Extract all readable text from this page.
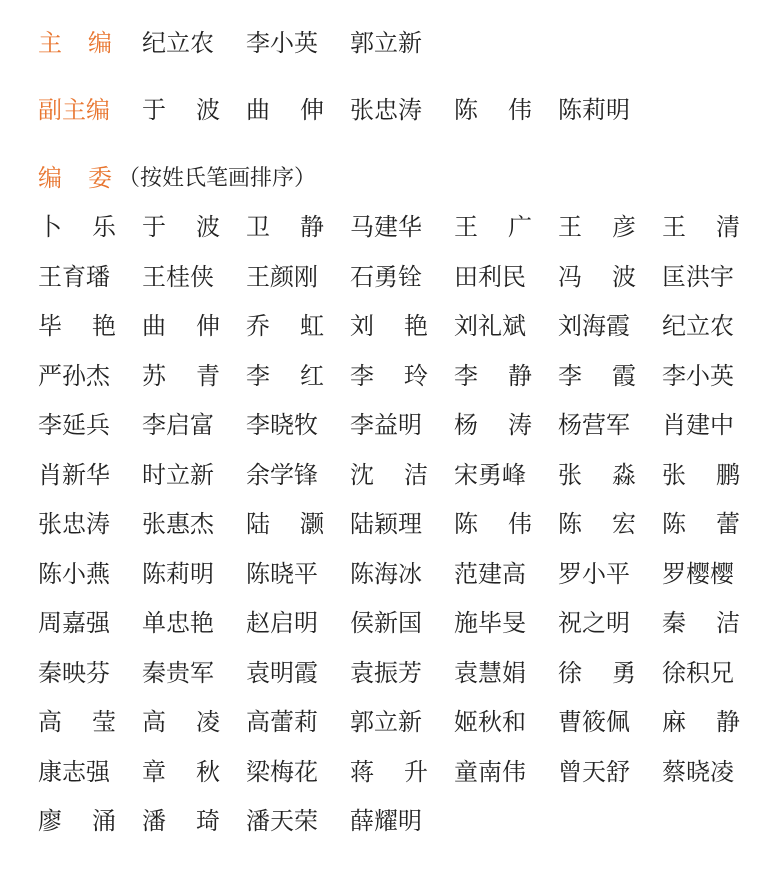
主编 纪立农 李小英 郭立新
副主编 于波
曲伸
张忠涛 陈伟
陈莉明
编委
（按姓氏笔画排序）
卜乐
于波
卫静
马建华 王广
王彦
王清
王育璠 王桂侠 王颜刚 石勇铨 田利民 冯波
匡洪宇
毕艳
曲伸
乔虹
刘艳
刘礼斌 刘海霞 纪立农
严孙杰 苏青
李红
李玲
李静
李霞
李小英
李延兵 李启富 李晓牧 李益明 杨涛
杨营军 肖建中
肖新华 时立新 余学锋 沈洁
宋勇峰 张淼
张鹏
张忠涛 张惠杰 陆灏
陆颖理 陈伟
陈宏
陈蕾
陈小燕 陈莉明 陈晓平 陈海冰 范建高 罗小平 罗樱樱
周嘉强 单忠艳 赵启明 侯新国 施毕旻 祝之明 秦洁
秦映芬 秦贵军 袁明霞 袁振芳 袁慧娟 徐勇
徐积兄
高莹
高凌
高蕾莉 郭立新 姬秋和 曹筱佩 麻静
康志强 章秋
梁梅花 蒋升
童南伟 曾天舒 蔡晓凌
廖涌
潘琦
潘天荣 薛耀明
